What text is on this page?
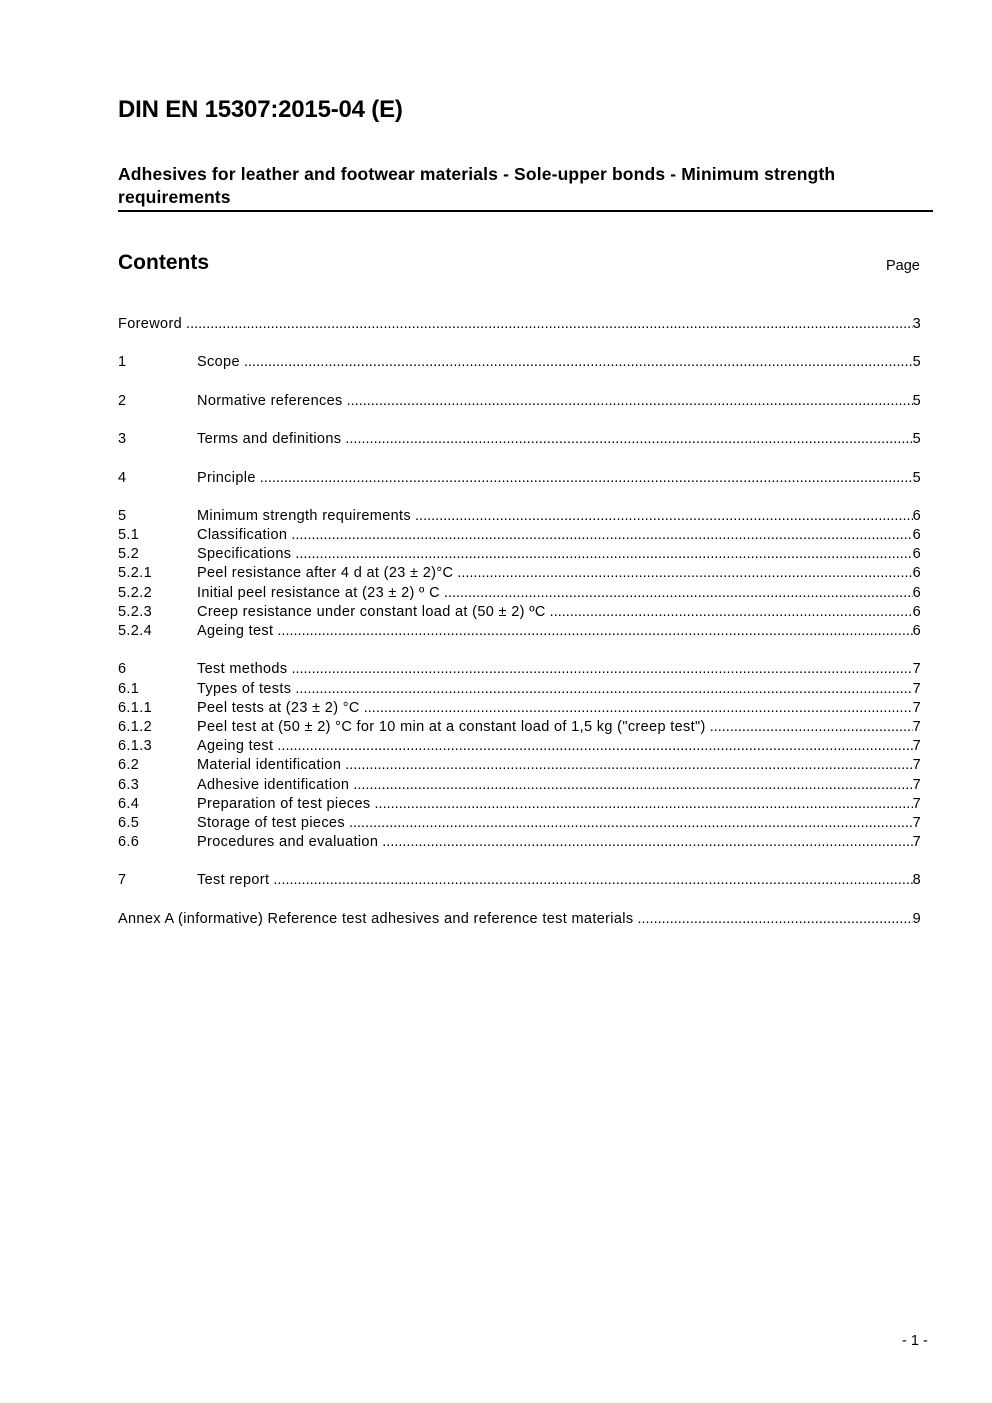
DIN EN 15307:2015-04 (E)
Adhesives for leather and footwear materials - Sole-upper bonds - Minimum strength requirements
Contents	Page
Foreword .....	3
1	Scope .....	5
2	Normative references .....	5
3	Terms and definitions .....	5
4	Principle .....	5
5	Minimum strength requirements .....	6
5.1	Classification .....	6
5.2	Specifications .....	6
5.2.1	Peel resistance after 4 d at (23 ± 2)°C .....	6
5.2.2	Initial peel resistance at (23 ± 2) º C .....	6
5.2.3	Creep resistance under constant load at (50 ± 2) ºC .....	6
5.2.4	Ageing test .....	6
6	Test methods .....	7
6.1	Types of tests .....	7
6.1.1	Peel tests at (23 ± 2) °C .....	7
6.1.2	Peel test at (50 ± 2) °C for 10 min at a constant load of 1,5 kg ("creep test") .....	7
6.1.3	Ageing test .....	7
6.2	Material identification .....	7
6.3	Adhesive identification .....	7
6.4	Preparation of test pieces .....	7
6.5	Storage of test pieces .....	7
6.6	Procedures and evaluation .....	7
7	Test report .....	8
Annex A (informative) Reference test adhesives and reference test materials .....	9
- 1 -
